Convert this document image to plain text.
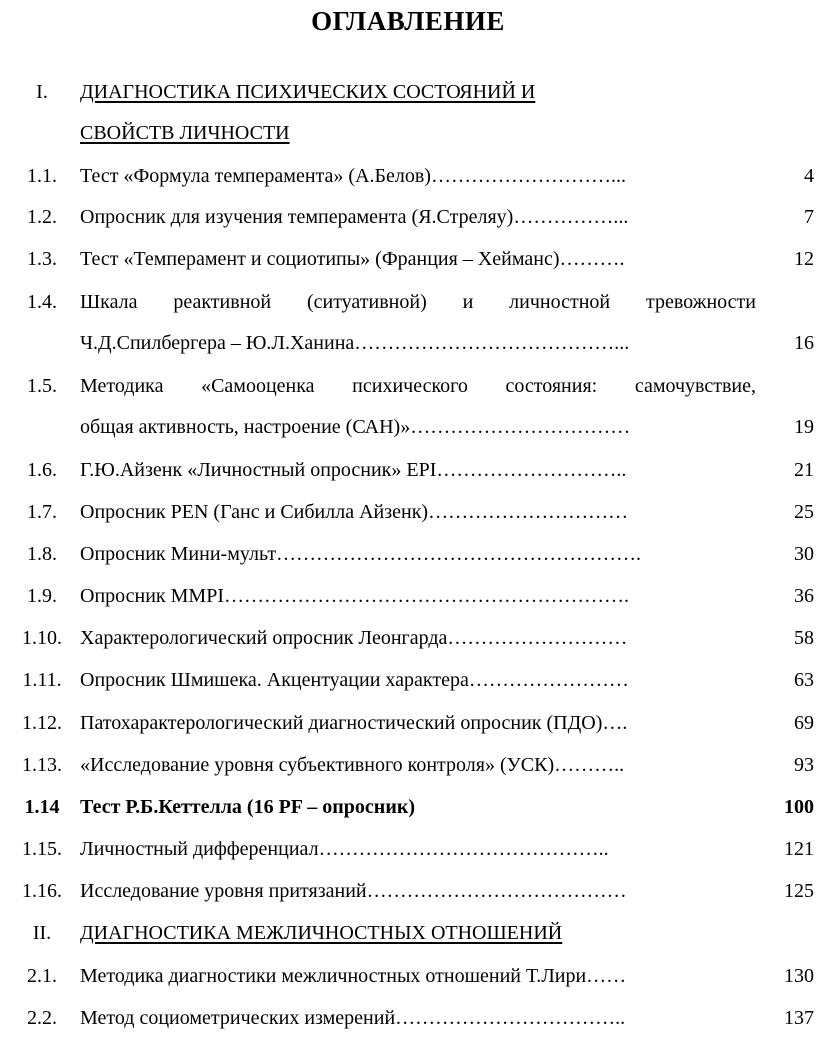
ОГЛАВЛЕНИЕ
I.	ДИАГНОСТИКА ПСИХИЧЕСКИХ СОСТОЯНИЙ И
СВОЙСТВ ЛИЧНОСТИ
1.1.	Тест «Формула темперамента» (А.Белов)………………………...	4
1.2.	Опросник для изучения темперамента (Я.Стреляу)……………...	7
1.3.	Тест «Темперамент и социотипы» (Франция – Хейманс)……….	12
1.4.	Шкала реактивной (ситуативной) и личностной тревожности
Ч.Д.Спилбергера – Ю.Л.Ханина…………………………………...	16
1.5.	Методика «Самооценка психического состояния: самочувствие,
общая активность, настроение (САН)»……………………………	19
1.6.	Г.Ю.Айзенк «Личностный опросник» EPI………………………..	21
1.7.	Опросник PEN (Ганс и Сибилла Айзенк)…………………………	25
1.8.	Опросник Мини-мульт……………………………………………….	30
1.9.	Опросник MMPI…………………………………………………….	36
1.10. Характерологический опросник Леонгарда………………………	58
1.11. Опросник Шмишека. Акцентуации характера……………………	63
1.12. Патохарактерологический диагностический опросник (ПДО)….	69
1.13. «Исследование уровня субъективного контроля» (УСК)………..	93
1.14	Тест Р.Б.Кеттелла (16 PF – опросник)	100
1.15. Личностный дифференциал……………………………………..	121
1.16. Исследование уровня притязаний…………………………………	125
II.	ДИАГНОСТИКА МЕЖЛИЧНОСТНЫХ ОТНОШЕНИЙ
2.1.	Методика диагностики межличностных отношений Т.Лири……	130
2.2.	Метод социометрических измерений……………………………..	137
